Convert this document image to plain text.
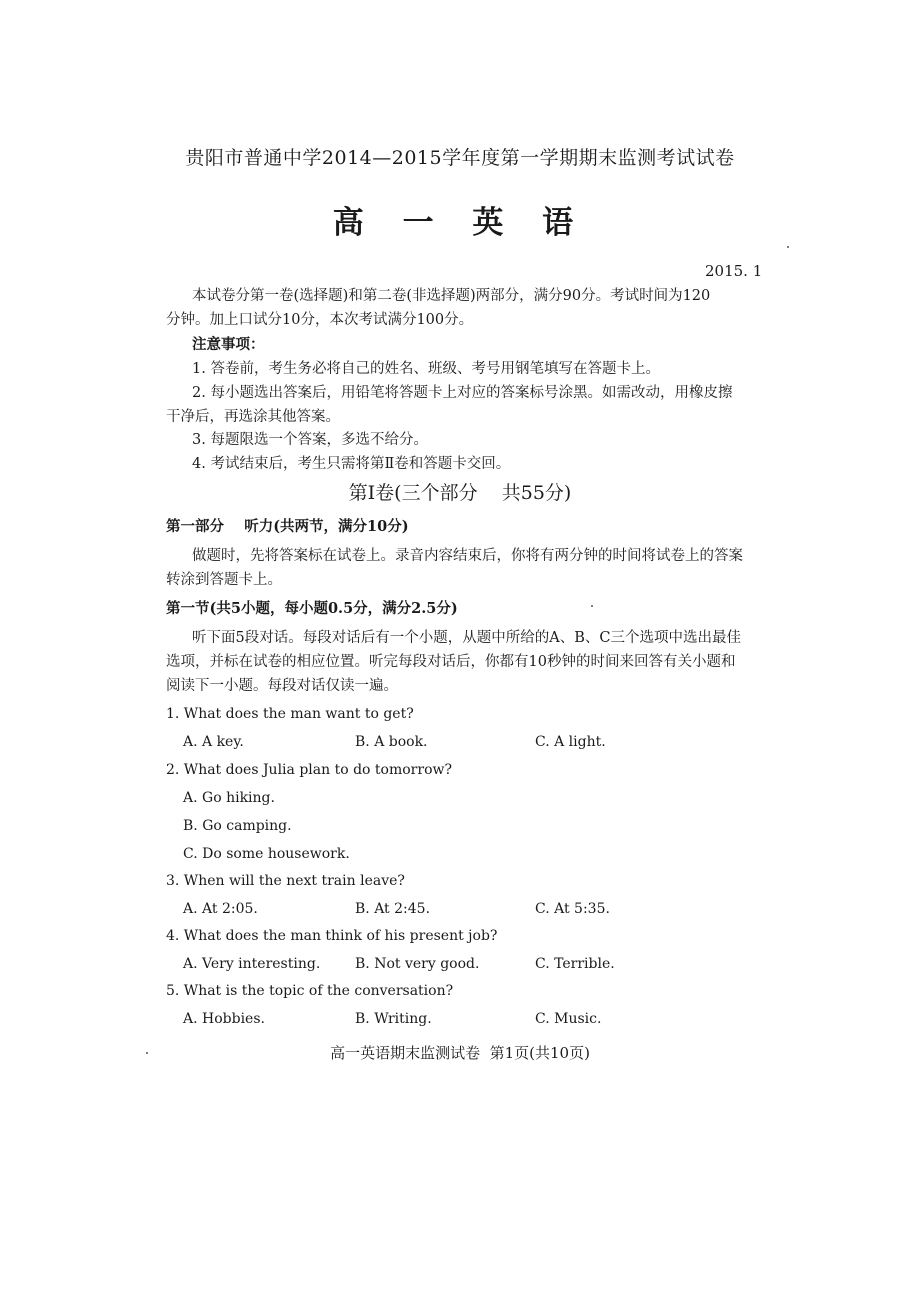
贵阳市普通中学2014—2015学年度第一学期期末监测考试试卷
高 一 英 语
2015. 1
本试卷分第一卷(选择题)和第二卷(非选择题)两部分，满分90分。考试时间为120
分钟。加上口试分10分，本次考试满分100分。
注意事项：
1. 答卷前，考生务必将自己的姓名、班级、考号用钢笔填写在答题卡上。
2. 每小题选出答案后，用铅笔将答题卡上对应的答案标号涂黑。如需改动，用橡皮擦
干净后，再选涂其他答案。
3. 每题限选一个答案，多选不给分。
4. 考试结束后，考生只需将第Ⅱ卷和答题卡交回。
第Ⅰ卷(三个部分    共55分)
第一部分    听力(共两节，满分10分)
做题时，先将答案标在试卷上。录音内容结束后，你将有两分钟的时间将试卷上的答案
转涂到答题卡上。
第一节(共5小题，每小题0.5分，满分2.5分)
听下面5段对话。每段对话后有一个小题，从题中所给的A、B、C三个选项中选出最佳
选项，并标在试卷的相应位置。听完每段对话后，你都有10秒钟的时间来回答有关小题和
阅读下一小题。每段对话仅读一遍。
1. What does the man want to get?
A. A key.	B. A book.	C. A light.
2. What does Julia plan to do tomorrow?
A. Go hiking.
B. Go camping.
C. Do some housework.
3. When will the next train leave?
A. At 2:05.	B. At 2:45.	C. At 5:35.
4. What does the man think of his present job?
A. Very interesting. B. Not very good.	C. Terrible.
5. What is the topic of the conversation?
A. Hobbies.	B. Writing.	C. Music.
高一英语期末监测试卷  第1页(共10页)
